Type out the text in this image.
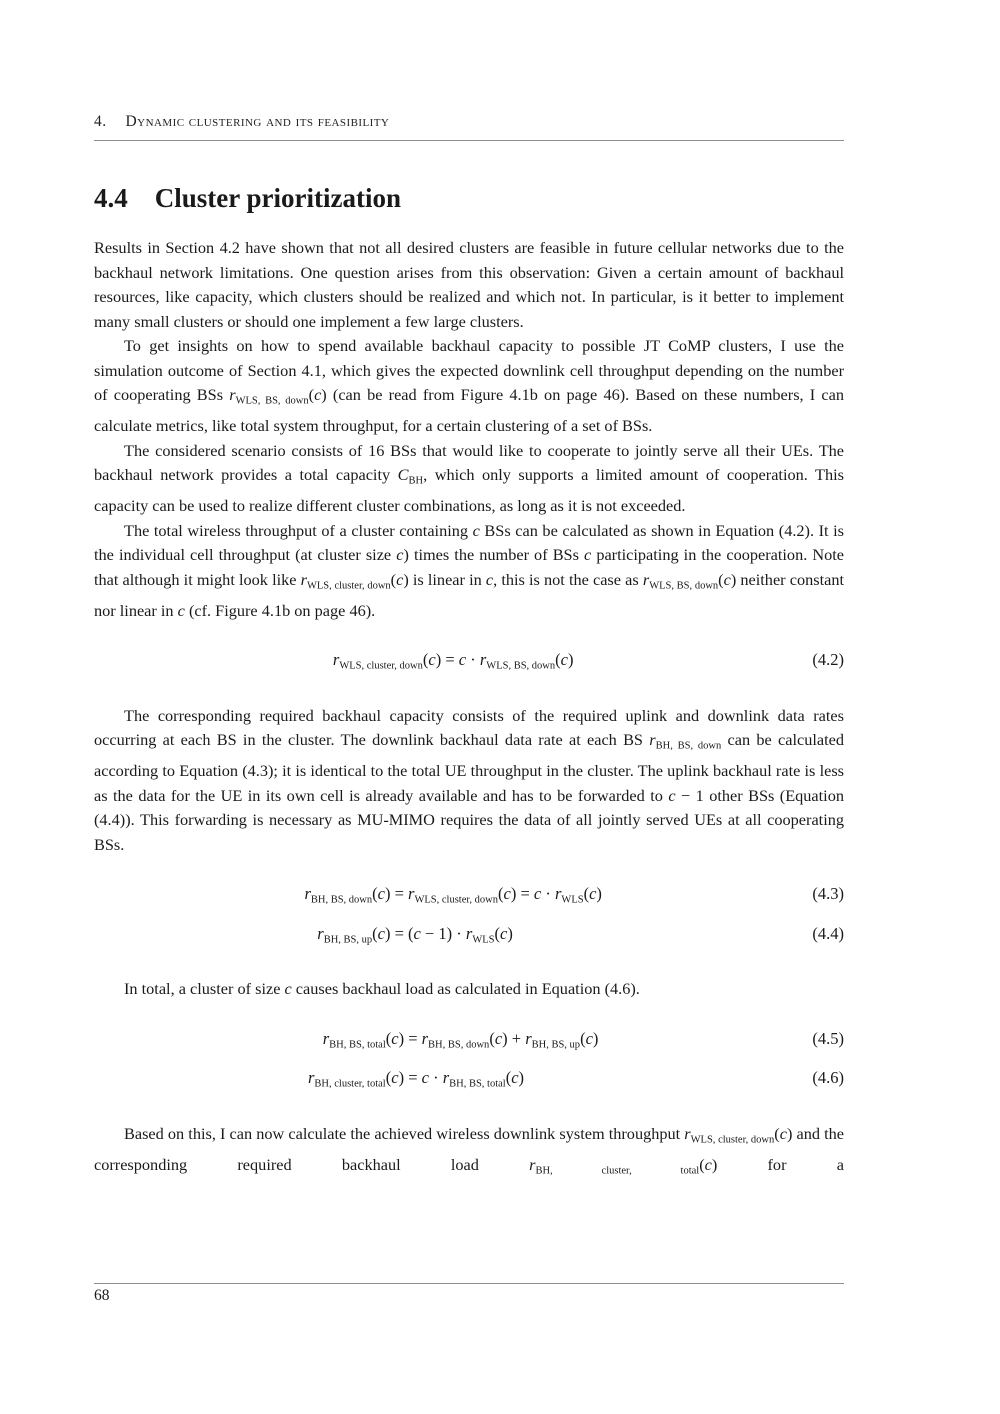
4. Dynamic clustering and its feasibility
4.4 Cluster prioritization

Results in Section 4.2 have shown that not all desired clusters are feasible in future cellular networks due to the backhaul network limitations. One question arises from this observation: Given a certain amount of backhaul resources, like capacity, which clusters should be realized and which not. In particular, is it better to implement many small clusters or should one implement a few large clusters.

To get insights on how to spend available backhaul capacity to possible JT CoMP clusters, I use the simulation outcome of Section 4.1, which gives the expected downlink cell throughput depending on the number of cooperating BSs $r_{WLS, BS, down}(c)$ (can be read from Figure 4.1b on page 46). Based on these numbers, I can calculate metrics, like total system throughput, for a certain clustering of a set of BSs.

The considered scenario consists of 16 BSs that would like to cooperate to jointly serve all their UEs. The backhaul network provides a total capacity $C_{BH}$, which only supports a limited amount of cooperation. This capacity can be used to realize different cluster combinations, as long as it is not exceeded.

The total wireless throughput of a cluster containing c BSs can be calculated as shown in Equation (4.2). It is the individual cell throughput (at cluster size c) times the number of BSs c participating in the cooperation. Note that although it might look like $r_{WLS, cluster, down}(c)$ is linear in c, this is not the case as $r_{WLS, BS, down}(c)$ neither constant nor linear in c (cf. Figure 4.1b on page 46).

$r_{WLS, cluster, down}(c) = c \cdot r_{WLS, BS, down}(c)$	(4.2)

The corresponding required backhaul capacity consists of the required uplink and downlink data rates occurring at each BS in the cluster. The downlink backhaul data rate at each BS $r_{BH, BS, down}$ can be calculated according to Equation (4.3); it is identical to the total UE throughput in the cluster. The uplink backhaul rate is less as the data for the UE in its own cell is already available and has to be forwarded to c − 1 other BSs (Equation (4.4)). This forwarding is necessary as MU-MIMO requires the data of all jointly served UEs at all cooperating BSs.

$r_{BH, BS, down}(c) = r_{WLS, cluster, down}(c) = c \cdot r_{WLS}(c)$	(4.3)
$r_{BH, BS, up}(c) = (c - 1) \cdot r_{WLS}(c)$	(4.4)

In total, a cluster of size c causes backhaul load as calculated in Equation (4.6).

$r_{BH, BS, total}(c) = r_{BH, BS, down}(c) + r_{BH, BS, up}(c)$	(4.5)
$r_{BH, cluster, total}(c) = c \cdot r_{BH, BS, total}(c)$	(4.6)

Based on this, I can now calculate the achieved wireless downlink system throughput $r_{WLS, cluster, down}(c)$ and the corresponding required backhaul load $r_{BH, cluster, total}(c)$ for a

68
